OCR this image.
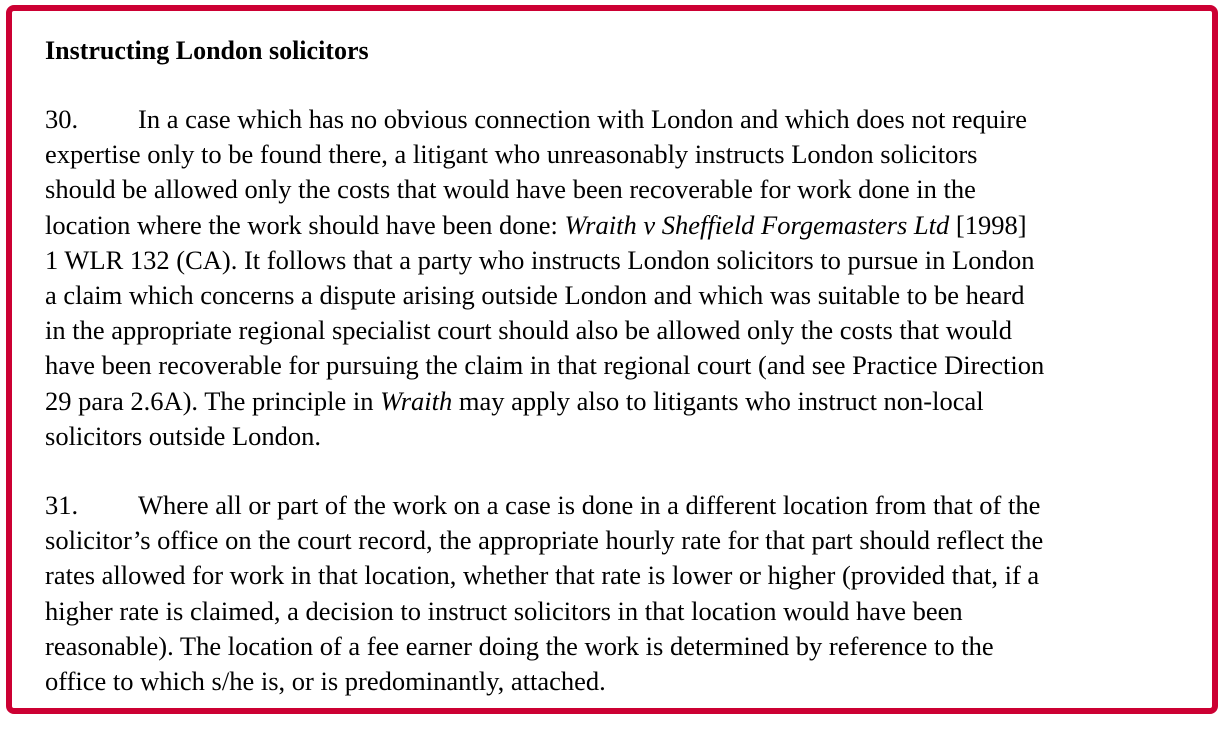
Instructing London solicitors
30. In a case which has no obvious connection with London and which does not require
expertise only to be found there, a litigant who unreasonably instructs London solicitors
should be allowed only the costs that would have been recoverable for work done in the
location where the work should have been done: Wraith v Sheffield Forgemasters Ltd [1998]
1 WLR 132 (CA). It follows that a party who instructs London solicitors to pursue in London
a claim which concerns a dispute arising outside London and which was suitable to be heard
in the appropriate regional specialist court should also be allowed only the costs that would
have been recoverable for pursuing the claim in that regional court (and see Practice Direction
29 para 2.6A). The principle in Wraith may apply also to litigants who instruct non-local
solicitors outside London.
31. Where all or part of the work on a case is done in a different location from that of the
solicitor’s office on the court record, the appropriate hourly rate for that part should reflect the
rates allowed for work in that location, whether that rate is lower or higher (provided that, if a
higher rate is claimed, a decision to instruct solicitors in that location would have been
reasonable). The location of a fee earner doing the work is determined by reference to the
office to which s/he is, or is predominantly, attached.
